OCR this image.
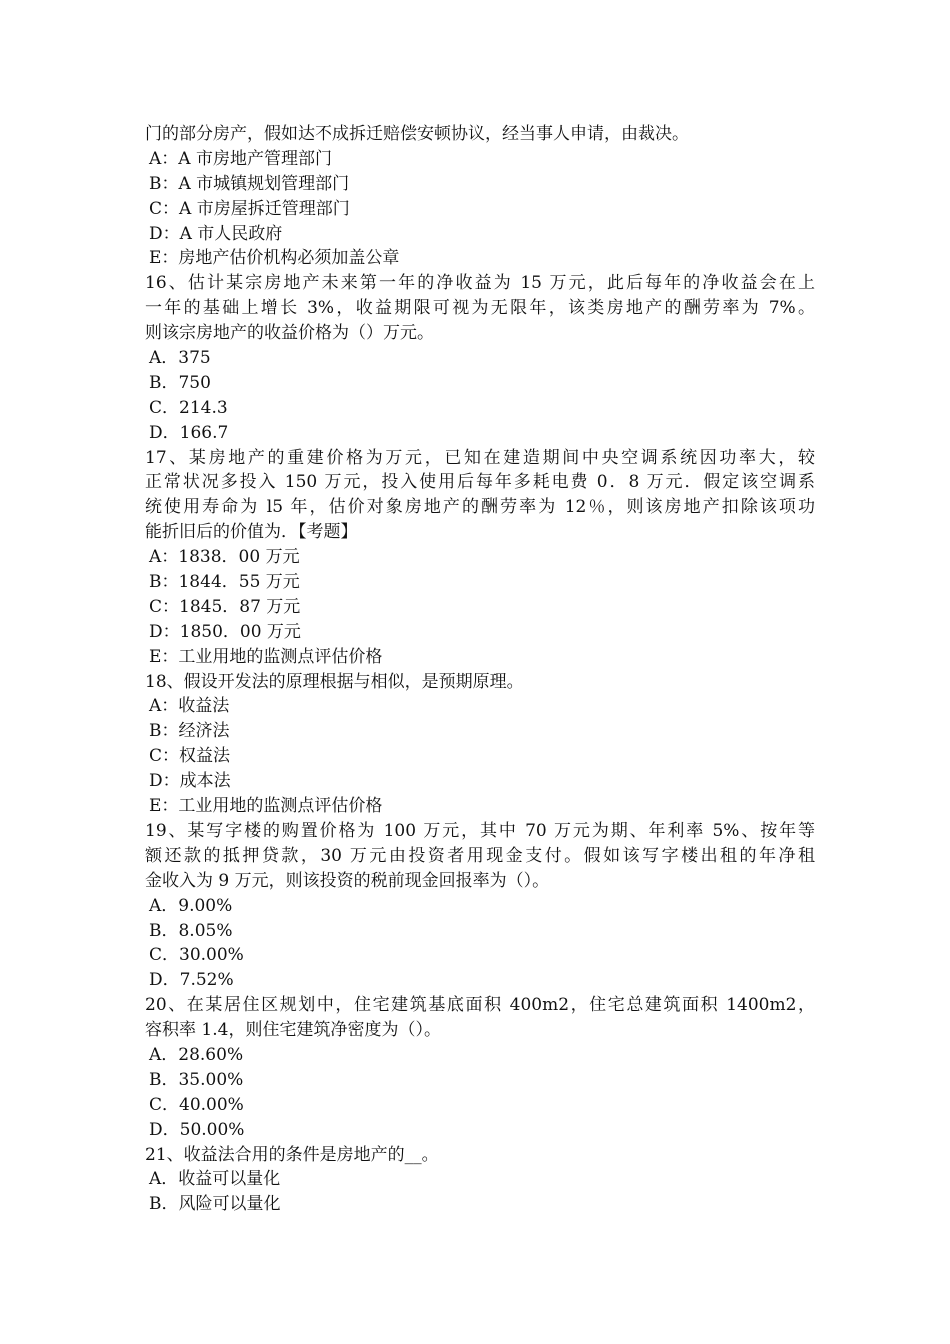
门的部分房产，假如达不成拆迁赔偿安顿协议，经当事人申请，由裁决。
A：A 市房地产管理部门
B：A 市城镇规划管理部门
C：A 市房屋拆迁管理部门
D：A 市人民政府
E：房地产估价机构必须加盖公章
16、估计某宗房地产未来第一年的净收益为 15 万元，此后每年的净收益会在上
一年的基础上增长 3%，收益期限可视为无限年，该类房地产的酬劳率为 7%。
则该宗房地产的收益价格为（）万元。
A．375
B．750
C．214.3
D．166.7
17、某房地产的重建价格为万元，已知在建造期间中央空调系统因功率大，较
正常状况多投入 150 万元，投入使用后每年多耗电费 0．8 万元．假定该空调系
统使用寿命为 l5 年，估价对象房地产的酬劳率为 12％，则该房地产扣除该项功
能折旧后的价值为．【考题】
A：1838．00 万元
B：1844．55 万元
C：1845．87 万元
D：1850．00 万元
E：工业用地的监测点评估价格
18、假设开发法的原理根据与相似，是预期原理。
A：收益法
B：经济法
C：权益法
D：成本法
E：工业用地的监测点评估价格
19、某写字楼的购置价格为 100 万元，其中 70 万元为期、年利率 5%、按年等
额还款的抵押贷款，30 万元由投资者用现金支付。假如该写字楼出租的年净租
金收入为 9 万元，则该投资的税前现金回报率为（）。
A．9.00%
B．8.05%
C．30.00%
D．7.52%
20、在某居住区规划中，住宅建筑基底面积 400m2，住宅总建筑面积 1400m2，
容积率 1.4，则住宅建筑净密度为（）。
A．28.60%
B．35.00%
C．40.00%
D．50.00%
21、收益法合用的条件是房地产的__。
A．收益可以量化
B．风险可以量化
